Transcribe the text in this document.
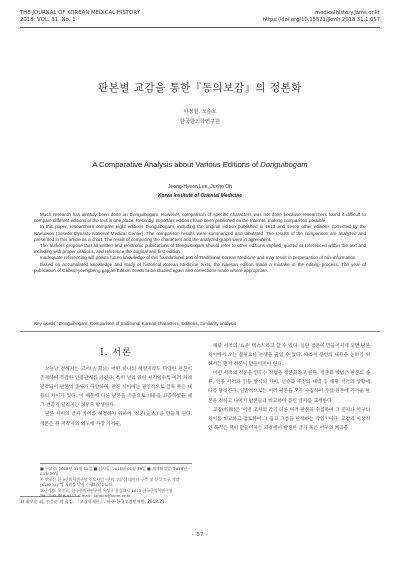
THE JOURNAL OF KOREAN MEDICAL HISTORY
2018. VOL. 31. No. 1
medicalhistory.jams.or.kr
https://doi.org/10.15521/jkmh.2018.31.1.057
판본별 교감을 통한『동의보감』의 정본화
이정현, 오준호
한국한의학연구원
A Comparative Analysis about Various Editions of Donguibogam
Jeong-Hyeon Lee, Junho Oh
Korea Institute of Oriental Medicine

Much research has already been done on Donguibogam. However, comparison of specific characters was not done because researchers found it difficult to compare different editions of the text in one place. Recently, important editions have been published on the Internet, making comparison possible.

In this paper, researchers compare eight editions Donguibogam, including the original edition published in 1613 and seven other editions corrected by the Naeuiwon (Joseon Dynasty National Medical Center). The comparison results were summarized and tabulated. The results of the comparison are analyzed and presented in this article as a chart. The result of comparing the characters and the analyzed graph were in agreement.

The authors propose that all written and electronic publications of Donguibogam should refer to other editions implied, quoted or referenced within the text and including with proper citations, and reference the original and first edition.

Inadequate referencing will pollute future knowledge of this foundational text of Traditional Korean Medicine and may result in perpetuation of mis-information.

Based on accumulated knowledge and study of historical Korean Medicine texts, the Naesan edition made a mistake in the editing process. The year of publication of Gabsul-yoengbeng gapjan Edition needs to be studied again and corrections made where appropriate.

Key words : Donguibogam, Comparison of traditional Korean characters, Editions, Similarity analysis
Ⅰ. 서론

오늘날 전해지는 고서(古書)는 어떤 하나의 책일지라도 다양한 판본이 존재하여 복잡한 인용관계를 가진다. 특히 널리 읽힌 서적일수록 여러 차례 판각되어 판본의 종류가 다양하며, 판본 사이에는 필연적으로 글자 혹은 내용의 차이가 있다. 이 때문에 다른 판본을 기준으로 내용을 고증하였을 때 그 결과가 달라지는 경우도 발생한다.

판본 사이의 글자 차이를 해결하기 위하여 '정본(定本)'을 만들게 된다. 정본은 원 저작자의 의도에 가장 가까운,

해당 서적의 '표준' 텍스트라고 할 수 있다. 일단 정본이 만들어지게 되면 판본 차이에서 오는 불필요한 논쟁을 줄일 수 있다. 따라서 문헌의 내용을 논하기 위해서는 먼저 정본이 만들어져야 한다.

어떤 서적의 정본을 만드는 작업을 정본화라고 한다. 정본화 방법은 판본의 종류, 인용 서적과 인용 방식의 차이, 선승과 후진의 내력 등 해당 서적의 상황에 따라 달라진다. 일반적으로는 여러 판본을 모두 수집하여 가장 원본에 가까운 판본을 정하고 나머지 판본들과 비교하여 틀린 글자를 교정한다.

교감(校勘)은 '어떤 고서의 각기 다른 여러 판본을 수집하여 그 문자나 어구의 차이를 비교하고 검토하여 그 옳고 그름을 판정하는 작업'¹⁾이다. 교감의 이상적인 목적은 책이 만들어지는 과정에서 발생한 글자 혹은 어구의 혜곡을

■ 투고일: 2018년 01월 12일 ■ 심사일: 2018년 01월 19일 ■ 게재확정일: 2018년 03월 20일
본 연구는 한국한의학연구원 주요사업 "한의 고문헌 데이터 구축 및 분석 도구 개발(K18231)"의 지원을 받아 수행되었습니다.
교신저자: 오준호, 한국한의학연구원 유성구 유성대로 1672 한국한의학연구원
Tel : 042-868-9317 E-mail : jundoh@kiom.re.kr
1) 최오순 외, 선응순 외 옮김. 『교감학개론』. 아주-한국고전번역원, 2018:21.
– 57 –
